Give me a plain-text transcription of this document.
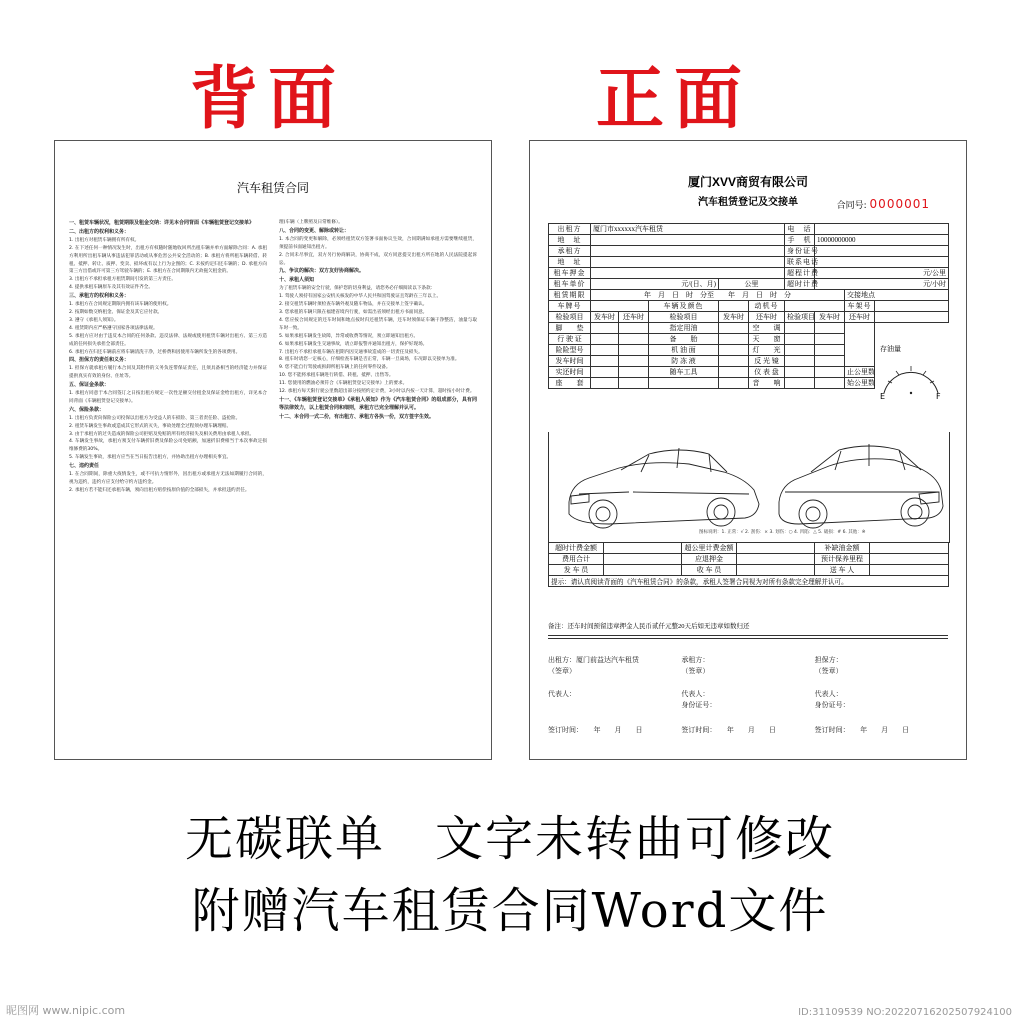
背面	正面
汽车租赁合同

一、租赁车辆状况，租赁期限及租金交纳：详见本合同背面《车辆租赁登记交接单》

二、出租方的权利和义务：

1. 出租方对租赁车辆拥有所有权。

2. 在下述任何一种情况发生时，出租方有权随时随地收回所出租车辆并单方面解除合同：A. 承租方利用所出租车辆从事违法犯罪活动或从事危害公共安全活动的；B. 承租方将所租车辆转借、转租、抵押、转让、质押、变卖、损坏或有以上行为企图的；C. 未按约定归还车辆的；D. 承租方向第三方出借或许可第三方驾驶车辆的；E. 承租方在合同期限内无故拖欠租金的。

3. 出租方不承担承租方租赁期间引发的第三方责任。

4. 提供承租车辆原车及其有效证件齐全。

三、承租方的权利和义务：

1. 承租方在合同规定期限内拥有该车辆的使用权。

2. 按期如数交纳租金、保证金及其它应付款。

3. 遵守《承租人须知》。

4. 租赁期内应严格遵守国家各项法律法规。

5. 承租方应对由于违反本合同的任何条款、违反法律、法规或使用租赁车辆对出租方、第三方造成的任何损失承担全部责任。

6. 承租方在归还车辆前应将车辆清洗干净，过桥费和因使用车辆所发生的各项费用。

四、担保方的责任和义务：

1. 担保方就承租方履行本合同及其附件的义务负连带保证责任，且须具备相当的经济能力并保证提供真实有效的身份、住址等。

五、保证金条款：

1. 承租方同意于本合同签订之日按出租方规定一次性足额交付租金及保证金给出租方，详见本合同背面《车辆租赁登记交接单》。

六、保险条款：

1. 出租方负责向保险公司投保以出租方为受益人的车损险、第三者责任险、盗抢险。

2. 租赁车辆发生事故或造成其它形式的灭失，事故处理全过程须办理车辆理赔。

3. 由于承租方的过失造成的保险公司拒赔及免赔的所有经济损失及相关费用由承租人承担。

4. 车辆发生事故，承租方须支付车辆折旧费及保险公司免赔额，加速折旧费相当于本次事故定损维修费的30%。

5. 车辆发生事故，承租方应当在当日报告出租方，并协助出租方办理相关事宜。

七、违约责任

1. 在合同期间，除重大疫情发生，或不可抗力情形外，因出租方或承租方无法如期履行合同的，视为违约，违约方应支付给守约方违约金。

2. 承租方若不能归还承租车辆，须向出租方赔偿按原价值的全部损失，并承担违约责任。

理)车辆（上牌照及日常维修）。

八、合同的变更、解除或转让：

1. 本合同的变更和解除，必须经租赁双方签署书面协议生效，合同期满如承租方需要继续租赁，须提前书面通知出租方。

2. 合同未尽事宜，双方另行协商解决，协商不成，双方同意提交出租方所在地的人民法院提起诉讼。

九、争议的解决：双方友好协商解决。

十、承租人须知

为了租赁车辆的安全行驶，保护您的切身利益，请您务必仔细阅读以下条款：

1. 驾驶人须持有国家公安机关核发的中华人民共和国驾驶证且驾龄在三年以上。

2. 接交租赁车辆时须检查车辆外观及随车物品，并在交接单上签字确认。

3. 您承租的车辆只限在福建省境内行驶，如需出省须经出租方书面同意。

4. 您应按合同规定的还车时间和地点按时归还租赁车辆，还车时须保证车辆干净整洁，油量与取车时一致。

5. 如果承租车辆发生故障，异常或收费等情况，须立即通知出租方。

6. 如果承租车辆发生交通事故，请立即报警并通知出租方，保护好现场。

7. 出租方不承担承租车辆在租期内因交通事故造成的一切责任及损失。

8. 租车时请您一定核心，仔细检查车辆是否正常，车辆一旦离场，车况即以交接单为准。

9. 您不能自行驾驶或拆卸所租车辆上的任何零件设备。

10. 您不能将承租车辆进行转借、转租、抵押、出售等。

11. 您使用的燃油必须符合《车辆租赁登记交接单》上的要求。

12. 承租方每天限行驶公里数超出部分按照约定计费，3小时以内按一天计算，超时按小时计费。

十一、《车辆租赁登记交接单》《承租人须知》作为《汽车租赁合同》的组成部分，具有同等法律效力，以上租赁合同和细则，承租方已完全理解并认可。

十二、本合同一式二份，有出租方、承租方各执一份，双方签字生效。

厦门XVV商贸有限公司
汽车租赁登记及交接单	合同号: 0000001
出租方	厦门市xxxxxx汽车租赁					电　话			
地　址						手　机	10000000000		
承租方						身份证号			
地　址						联系电话			
租车押金						超程计费	元/公里		
租车单价	元/(日、月)			公里		超时计费	元/小时		
租赁期限	年　月　日　时　分至　　年　月　日　时　分							交接地点	
车牌号			车辆及颜色		动机号			车架号	
检验项目	发车时	还车时	检验项目	发车时	还车时	检验项目	发车时	还车时	
脚　　垫			指定用油		空　　调				
行 驶 证			备　　胎		天　　窗				
险险型号			机 油 面		灯　　光				
发车时间			防 冻 液		反 光 镜				
实还时间			随车工具		仪 表 盘			止公里数	
座　　套					音　　响			始公里数	
存油量
E	F
图标说明：1. 正常：√ 2. 刮伤：× 3. 划伤：○ 4. 凹陷：△ 5. 破损：# 6. 其他：※
超时计费金额		超公里计费金额		补缺油金额	
费用合计		应退押金		预计保养里程	
发 车 员		收 车 员		送 车 人	
提示：请认真阅读背面的《汽车租赁合同》的条款，承租人签署合同视为对所有条款完全理解并认可。					
备注：还车时间预留违章押金人民币贰仟元整20天后如无违章如数归还
出租方：厦门前益达汽车租赁	承租方：	担保方：
（签章）	（签章）	（签章）
代表人：	代表人：	代表人：
身份证号：	身份证号：
签订时间：　　年　　月　　日	签订时间：　　年　　月　　日	签订时间：　　年　　月　　日
无碳联单　文字未转曲可修改
附赠汽车租赁合同Word文件
昵图网 www.nipic.com	ID:31109539 NO:20220716202507924100
